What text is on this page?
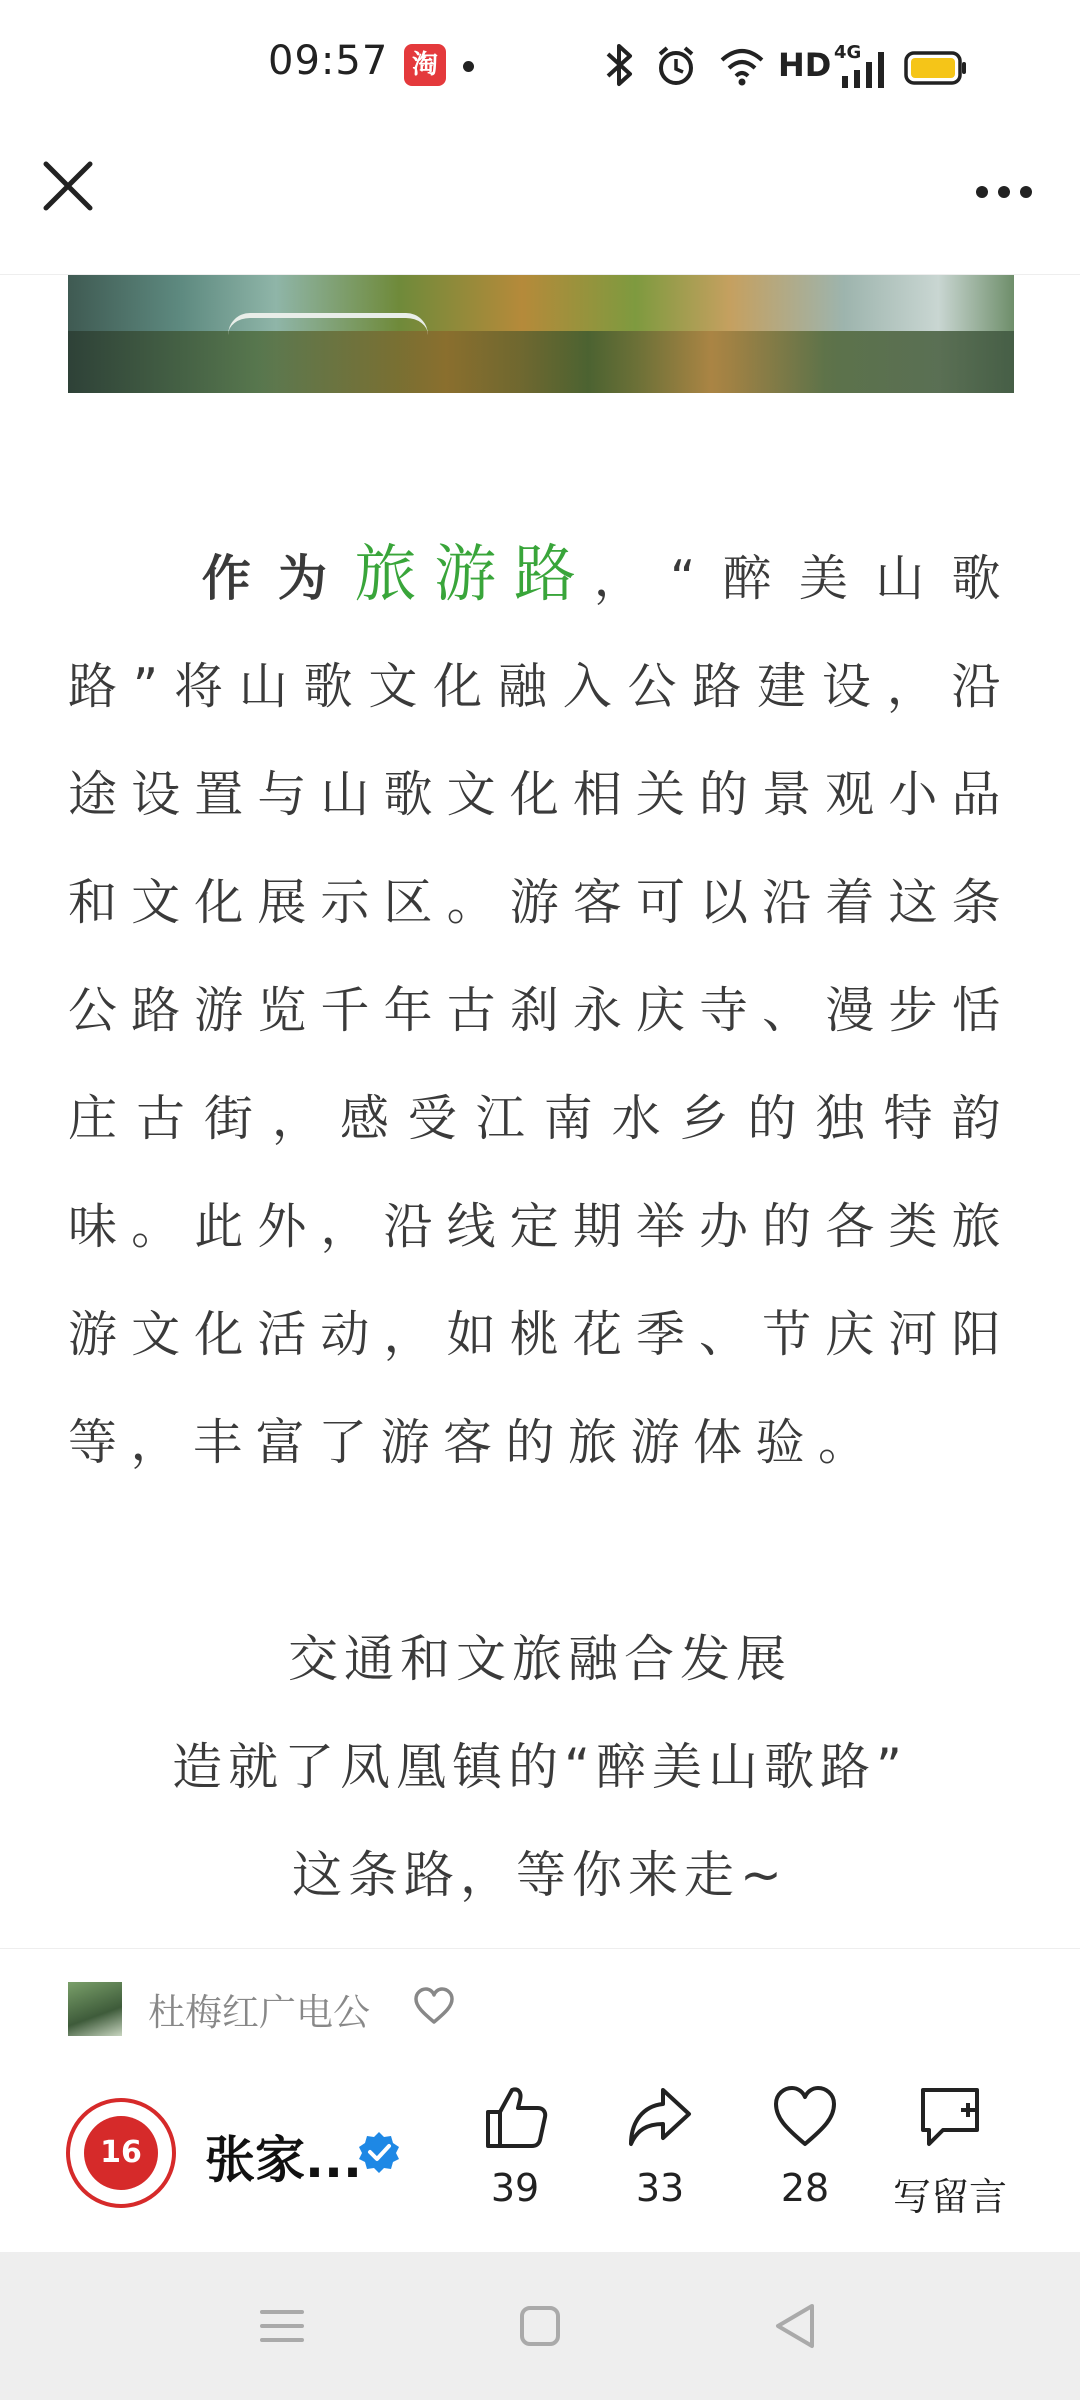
09:57 淘	HD 4G
作为旅游路，“醉美山歌路”将山歌文化融入公路建设，沿途设置与山歌文化相关的景观小品和文化展示区。游客可以沿着这条公路游览千年古刹永庆寺、漫步恬庄古街，感受江南水乡的独特韵味。此外，沿线定期举办的各类旅游文化活动，如桃花季、节庆河阳等，丰富了游客的旅游体验。
交通和文旅融合发展
造就了凤凰镇的“醉美山歌路”
这条路，等你来走~
杜梅红广电公
16	张家...	39	33	28	写留言
